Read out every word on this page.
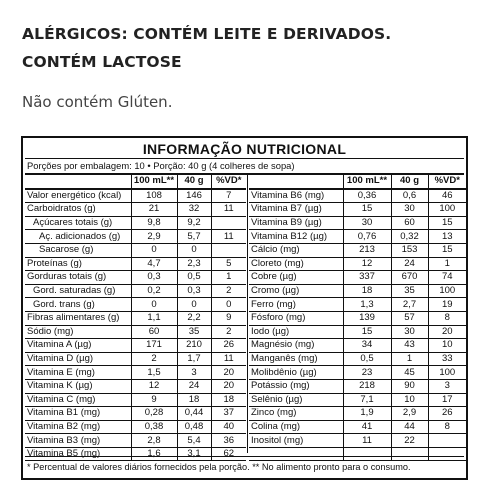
ALÉRGICOS: CONTÉM LEITE E DERIVADOS.
CONTÉM LACTOSE
Não contém Glúten.
INFORMAÇÃO NUTRICIONAL
Porções por embalagem: 10 • Porção: 40 g (4 colheres de sopa)
	100 mL**	40 g	%VD*
Valor energético (kcal)	108	146	7
Carboidratos (g)	21	32	11
Açúcares totais (g)	9,8	9,2	
Aç. adicionados (g)	2,9	5,7	11
Sacarose (g)	0	0	
Proteínas (g)	4,7	2,3	5
Gorduras totais (g)	0,3	0,5	1
Gord. saturadas (g)	0,2	0,3	2
Gord. trans (g)	0	0	0
Fibras alimentares (g)	1,1	2,2	9
Sódio (mg)	60	35	2
Vitamina A (µg)	171	210	26
Vitamina D (µg)	2	1,7	11
Vitamina E (mg)	1,5	3	20
Vitamina K (µg)	12	24	20
Vitamina C (mg)	9	18	18
Vitamina B1 (mg)	0,28	0,44	37
Vitamina B2 (mg)	0,38	0,48	40
Vitamina B3 (mg)	2,8	5,4	36
Vitamina B5 (mg)	1,6	3,1	62
	100 mL**	40 g	%VD*
Vitamina B6 (mg)	0,36	0,6	46
Vitamina B7 (µg)	15	30	100
Vitamina B9 (µg)	30	60	15
Vitamina B12 (µg)	0,76	0,32	13
Cálcio (mg)	213	153	15
Cloreto (mg)	12	24	1
Cobre (µg)	337	670	74
Cromo (µg)	18	35	100
Ferro (mg)	1,3	2,7	19
Fósforo (mg)	139	57	8
Iodo (µg)	15	30	20
Magnésio (mg)	34	43	10
Manganês (mg)	0,5	1	33
Molibdênio (µg)	23	45	100
Potássio (mg)	218	90	3
Selênio (µg)	7,1	10	17
Zinco (mg)	1,9	2,9	26
Colina (mg)	41	44	8
Inositol (mg)	11	22	

* Percentual de valores diários fornecidos pela porção. ** No alimento pronto para o consumo.
